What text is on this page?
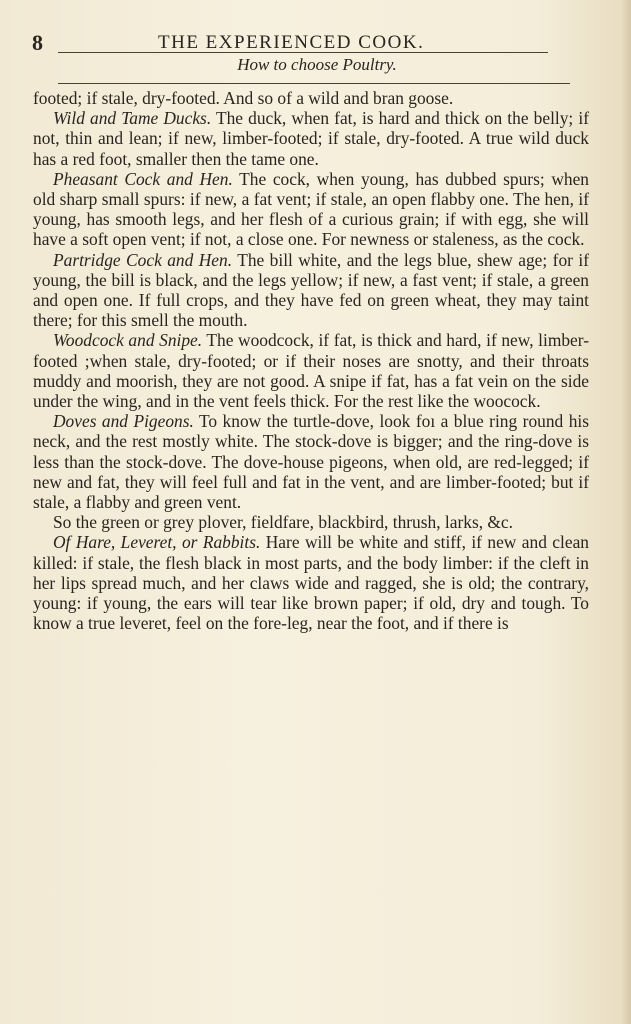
8	THE EXPERIENCED COOK.
How to choose Poultry.

footed; if stale, dry-footed. And so of a wild and bran goose.

Wild and Tame Ducks. The duck, when fat, is hard and thick on the belly; if not, thin and lean; if new, limber-footed; if stale, dry-footed. A true wild duck has a red foot, smaller then the tame one.

Pheasant Cock and Hen. The cock, when young, has dubbed spurs; when old sharp small spurs: if new, a fat vent; if stale, an open flabby one. The hen, if young, has smooth legs, and her flesh of a curious grain; if with egg, she will have a soft open vent; if not, a close one. For newness or staleness, as the cock.

Partridge Cock and Hen. The bill white, and the legs blue, shew age; for if young, the bill is black, and the legs yellow; if new, a fast vent; if stale, a green and open one. If full crops, and they have fed on green wheat, they may taint there; for this smell the mouth.

Woodcock and Snipe. The woodcock, if fat, is thick and hard, if new, limber-footed ;when stale, dry-footed; or if their noses are snotty, and their throats muddy and moorish, they are not good. A snipe if fat, has a fat vein on the side under the wing, and in the vent feels thick. For the rest like the woocock.

Doves and Pigeons. To know the turtle-dove, look foı a blue ring round his neck, and the rest mostly white. The stock-dove is bigger; and the ring-dove is less than the stock-dove. The dove-house pigeons, when old, are red-legged; if new and fat, they will feel full and fat in the vent, and are limber-footed; but if stale, a flabby and green vent.

So the green or grey plover, fieldfare, blackbird, thrush, larks, &c.

Of Hare, Leveret, or Rabbits. Hare will be white and stiff, if new and clean killed: if stale, the flesh black in most parts, and the body limber: if the cleft in her lips spread much, and her claws wide and ragged, she is old; the contrary, young: if young, the ears will tear like brown paper; if old, dry and tough. To know a true leveret, feel on the fore-leg, near the foot, and if there is
